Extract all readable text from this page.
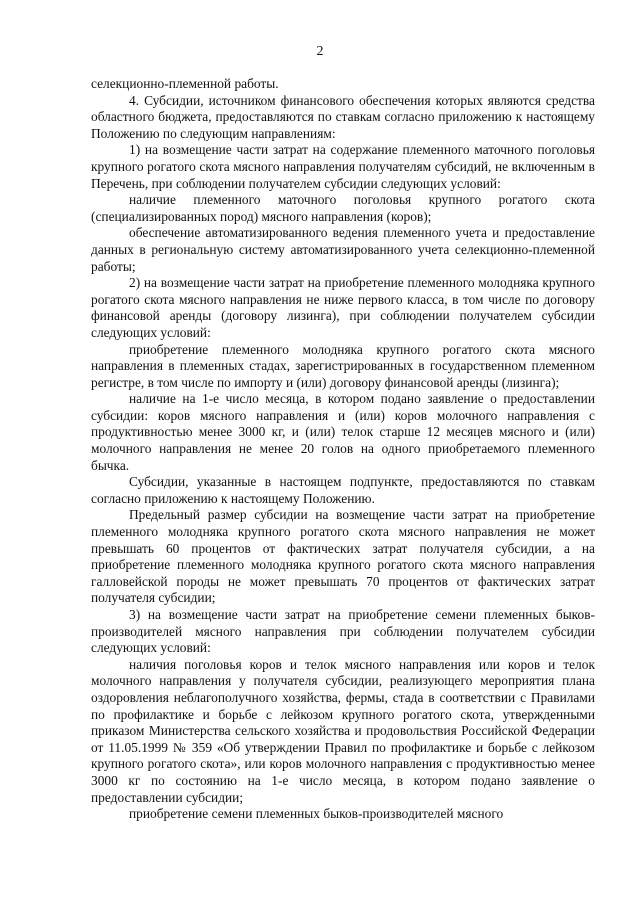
2

селекционно-племенной работы.

4. Субсидии, источником финансового обеспечения которых являются средства областного бюджета, предоставляются по ставкам согласно приложению к настоящему Положению по следующим направлениям:

1) на возмещение части затрат на содержание племенного маточного поголовья крупного рогатого скота мясного направления получателям субсидий, не включенным в Перечень, при соблюдении получателем субсидии следующих условий:

наличие племенного маточного поголовья крупного рогатого скота (специализированных пород) мясного направления (коров);

обеспечение автоматизированного ведения племенного учета и предоставление данных в региональную систему автоматизированного учета селекционно-племенной работы;

2) на возмещение части затрат на приобретение племенного молодняка крупного рогатого скота мясного направления не ниже первого класса, в том числе по договору финансовой аренды (договору лизинга), при соблюдении получателем субсидии следующих условий:

приобретение племенного молодняка крупного рогатого скота мясного направления в племенных стадах, зарегистрированных в государственном племенном регистре, в том числе по импорту и (или) договору финансовой аренды (лизинга);

наличие на 1-е число месяца, в котором подано заявление о предоставлении субсидии: коров мясного направления и (или) коров молочного направления с продуктивностью менее 3000 кг, и (или) телок старше 12 месяцев мясного и (или) молочного направления не менее 20 голов на одного приобретаемого племенного бычка.

Субсидии, указанные в настоящем подпункте, предоставляются по ставкам согласно приложению к настоящему Положению.

Предельный размер субсидии на возмещение части затрат на приобретение племенного молодняка крупного рогатого скота мясного направления не может превышать 60 процентов от фактических затрат получателя субсидии, а на приобретение племенного молодняка крупного рогатого скота мясного направления галловейской породы не может превышать 70 процентов от фактических затрат получателя субсидии;

3) на возмещение части затрат на приобретение семени племенных быков-производителей мясного направления при соблюдении получателем субсидии следующих условий:

наличия поголовья коров и телок мясного направления или коров и телок молочного направления у получателя субсидии, реализующего мероприятия плана оздоровления неблагополучного хозяйства, фермы, стада в соответствии с Правилами по профилактике и борьбе с лейкозом крупного рогатого скота, утвержденными приказом Министерства сельского хозяйства и продовольствия Российской Федерации от 11.05.1999 № 359 «Об утверждении Правил по профилактике и борьбе с лейкозом крупного рогатого скота», или коров молочного направления с продуктивностью менее 3000 кг по состоянию на 1-е число месяца, в котором подано заявление о предоставлении субсидии;

приобретение семени племенных быков-производителей мясного
